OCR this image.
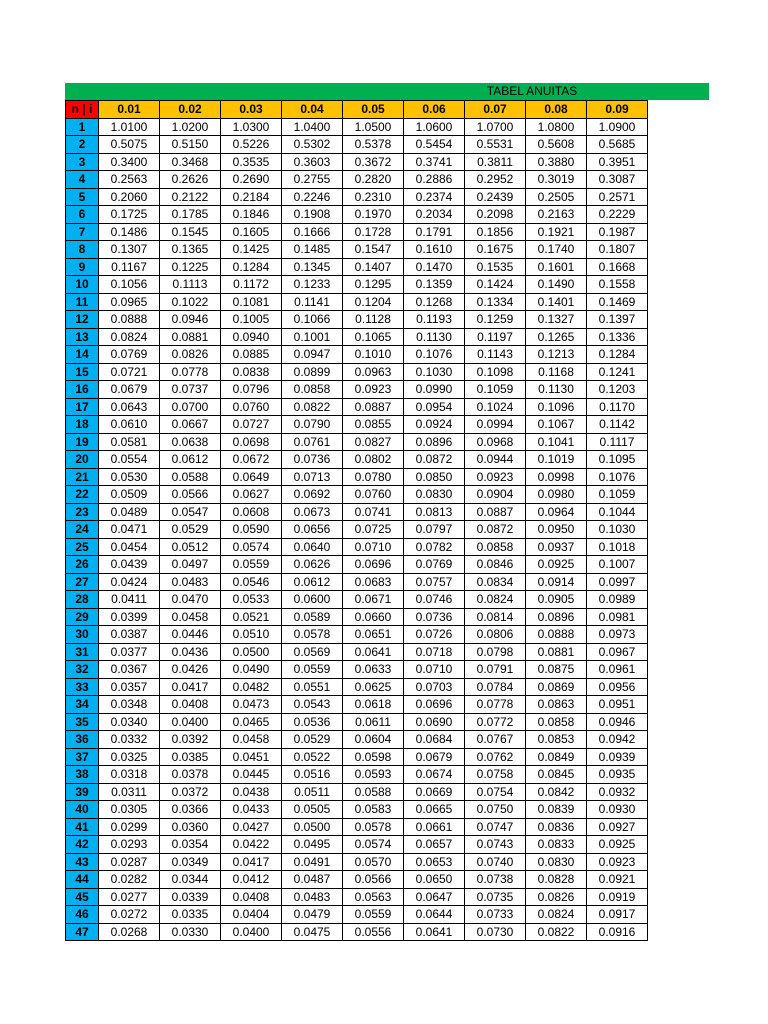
TABEL ANUITAS
n | i	0.01	0.02	0.03	0.04	0.05	0.06	0.07	0.08	0.09
1	1.0100	1.0200	1.0300	1.0400	1.0500	1.0600	1.0700	1.0800	1.0900
2	0.5075	0.5150	0.5226	0.5302	0.5378	0.5454	0.5531	0.5608	0.5685
3	0.3400	0.3468	0.3535	0.3603	0.3672	0.3741	0.3811	0.3880	0.3951
4	0.2563	0.2626	0.2690	0.2755	0.2820	0.2886	0.2952	0.3019	0.3087
5	0.2060	0.2122	0.2184	0.2246	0.2310	0.2374	0.2439	0.2505	0.2571
6	0.1725	0.1785	0.1846	0.1908	0.1970	0.2034	0.2098	0.2163	0.2229
7	0.1486	0.1545	0.1605	0.1666	0.1728	0.1791	0.1856	0.1921	0.1987
8	0.1307	0.1365	0.1425	0.1485	0.1547	0.1610	0.1675	0.1740	0.1807
9	0.1167	0.1225	0.1284	0.1345	0.1407	0.1470	0.1535	0.1601	0.1668
10	0.1056	0.1113	0.1172	0.1233	0.1295	0.1359	0.1424	0.1490	0.1558
11	0.0965	0.1022	0.1081	0.1141	0.1204	0.1268	0.1334	0.1401	0.1469
12	0.0888	0.0946	0.1005	0.1066	0.1128	0.1193	0.1259	0.1327	0.1397
13	0.0824	0.0881	0.0940	0.1001	0.1065	0.1130	0.1197	0.1265	0.1336
14	0.0769	0.0826	0.0885	0.0947	0.1010	0.1076	0.1143	0.1213	0.1284
15	0.0721	0.0778	0.0838	0.0899	0.0963	0.1030	0.1098	0.1168	0.1241
16	0.0679	0.0737	0.0796	0.0858	0.0923	0.0990	0.1059	0.1130	0.1203
17	0.0643	0.0700	0.0760	0.0822	0.0887	0.0954	0.1024	0.1096	0.1170
18	0.0610	0.0667	0.0727	0.0790	0.0855	0.0924	0.0994	0.1067	0.1142
19	0.0581	0.0638	0.0698	0.0761	0.0827	0.0896	0.0968	0.1041	0.1117
20	0.0554	0.0612	0.0672	0.0736	0.0802	0.0872	0.0944	0.1019	0.1095
21	0.0530	0.0588	0.0649	0.0713	0.0780	0.0850	0.0923	0.0998	0.1076
22	0.0509	0.0566	0.0627	0.0692	0.0760	0.0830	0.0904	0.0980	0.1059
23	0.0489	0.0547	0.0608	0.0673	0.0741	0.0813	0.0887	0.0964	0.1044
24	0.0471	0.0529	0.0590	0.0656	0.0725	0.0797	0.0872	0.0950	0.1030
25	0.0454	0.0512	0.0574	0.0640	0.0710	0.0782	0.0858	0.0937	0.1018
26	0.0439	0.0497	0.0559	0.0626	0.0696	0.0769	0.0846	0.0925	0.1007
27	0.0424	0.0483	0.0546	0.0612	0.0683	0.0757	0.0834	0.0914	0.0997
28	0.0411	0.0470	0.0533	0.0600	0.0671	0.0746	0.0824	0.0905	0.0989
29	0.0399	0.0458	0.0521	0.0589	0.0660	0.0736	0.0814	0.0896	0.0981
30	0.0387	0.0446	0.0510	0.0578	0.0651	0.0726	0.0806	0.0888	0.0973
31	0.0377	0.0436	0.0500	0.0569	0.0641	0.0718	0.0798	0.0881	0.0967
32	0.0367	0.0426	0.0490	0.0559	0.0633	0.0710	0.0791	0.0875	0.0961
33	0.0357	0.0417	0.0482	0.0551	0.0625	0.0703	0.0784	0.0869	0.0956
34	0.0348	0.0408	0.0473	0.0543	0.0618	0.0696	0.0778	0.0863	0.0951
35	0.0340	0.0400	0.0465	0.0536	0.0611	0.0690	0.0772	0.0858	0.0946
36	0.0332	0.0392	0.0458	0.0529	0.0604	0.0684	0.0767	0.0853	0.0942
37	0.0325	0.0385	0.0451	0.0522	0.0598	0.0679	0.0762	0.0849	0.0939
38	0.0318	0.0378	0.0445	0.0516	0.0593	0.0674	0.0758	0.0845	0.0935
39	0.0311	0.0372	0.0438	0.0511	0.0588	0.0669	0.0754	0.0842	0.0932
40	0.0305	0.0366	0.0433	0.0505	0.0583	0.0665	0.0750	0.0839	0.0930
41	0.0299	0.0360	0.0427	0.0500	0.0578	0.0661	0.0747	0.0836	0.0927
42	0.0293	0.0354	0.0422	0.0495	0.0574	0.0657	0.0743	0.0833	0.0925
43	0.0287	0.0349	0.0417	0.0491	0.0570	0.0653	0.0740	0.0830	0.0923
44	0.0282	0.0344	0.0412	0.0487	0.0566	0.0650	0.0738	0.0828	0.0921
45	0.0277	0.0339	0.0408	0.0483	0.0563	0.0647	0.0735	0.0826	0.0919
46	0.0272	0.0335	0.0404	0.0479	0.0559	0.0644	0.0733	0.0824	0.0917
47	0.0268	0.0330	0.0400	0.0475	0.0556	0.0641	0.0730	0.0822	0.0916
